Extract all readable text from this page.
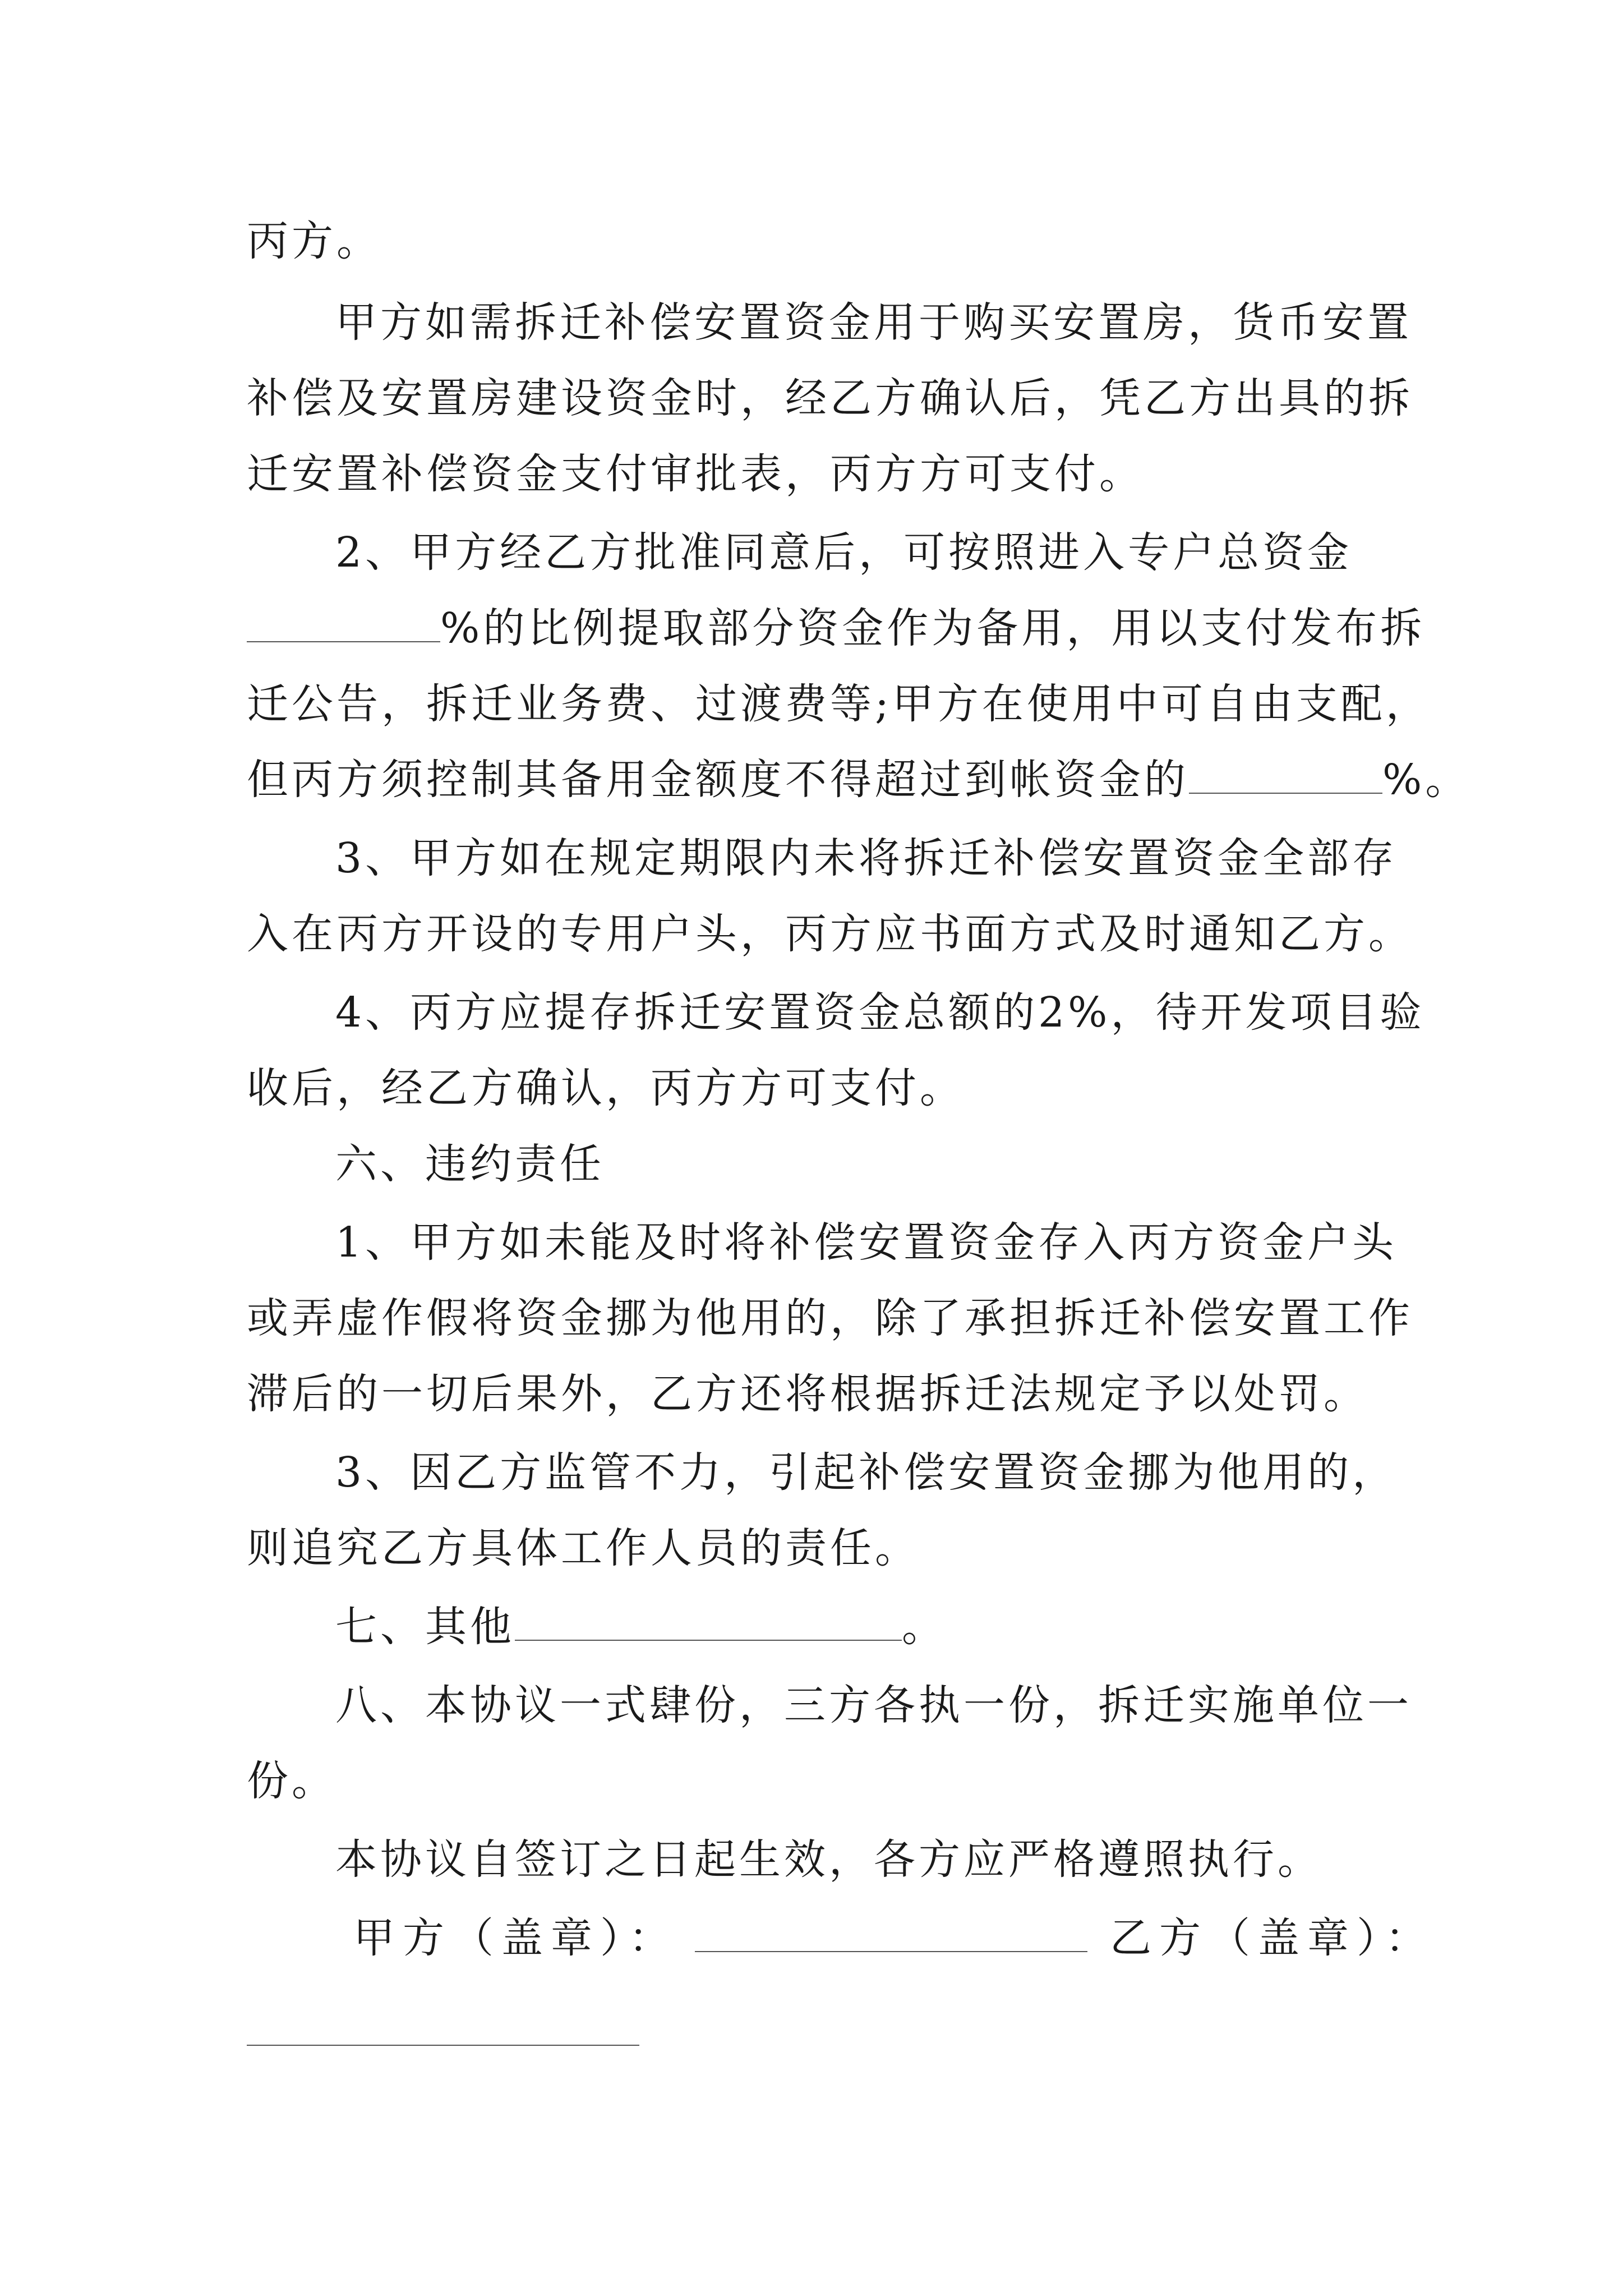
丙方。
甲方如需拆迁补偿安置资金用于购买安置房，货币安置
补偿及安置房建设资金时，经乙方确认后，凭乙方出具的拆
迁安置补偿资金支付审批表，丙方方可支付。
2、甲方经乙方批准同意后，可按照进入专户总资金
%的比例提取部分资金作为备用，用以支付发布拆
迁公告，拆迁业务费、过渡费等;甲方在使用中可自由支配，
但丙方须控制其备用金额度不得超过到帐资金的	%。
3、甲方如在规定期限内未将拆迁补偿安置资金全部存
入在丙方开设的专用户头，丙方应书面方式及时通知乙方。
4、丙方应提存拆迁安置资金总额的2%，待开发项目验
收后，经乙方确认，丙方方可支付。
六、违约责任
1、甲方如未能及时将补偿安置资金存入丙方资金户头
或弄虚作假将资金挪为他用的，除了承担拆迁补偿安置工作
滞后的一切后果外，乙方还将根据拆迁法规定予以处罚。
3、因乙方监管不力，引起补偿安置资金挪为他用的，
则追究乙方具体工作人员的责任。
七、其他	。
八、本协议一式肆份，三方各执一份，拆迁实施单位一
份。
本协议自签订之日起生效，各方应严格遵照执行。
甲方（盖章）：	乙方（盖章）：
